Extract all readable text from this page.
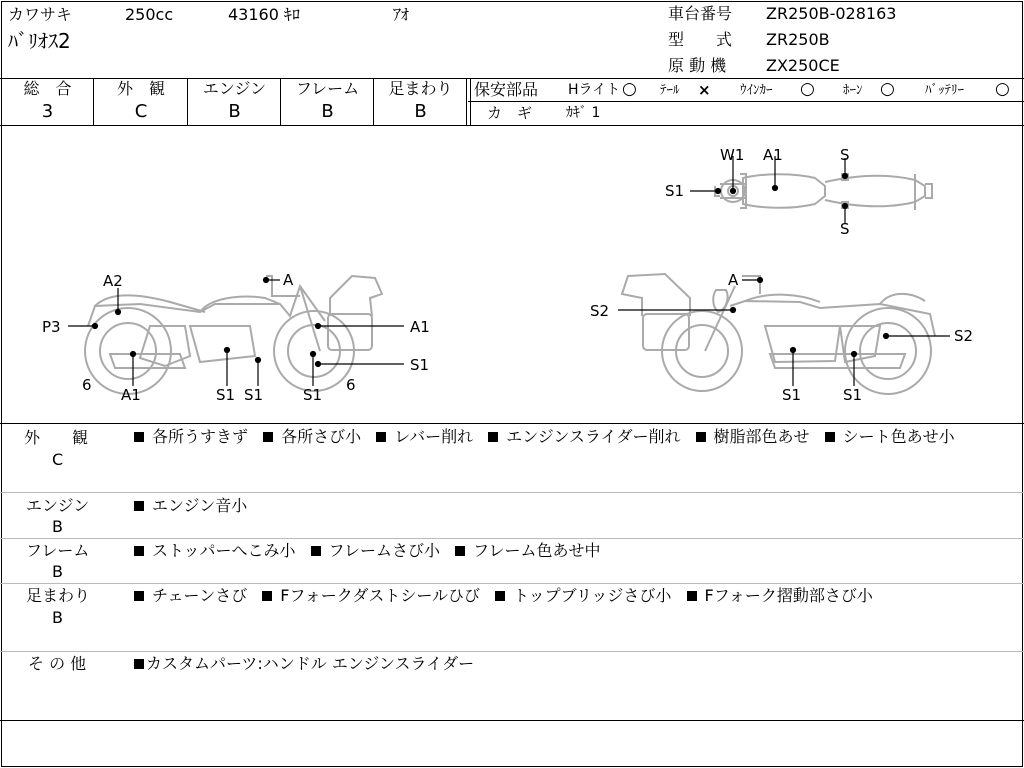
カワサキ	250cc	43160 ｷﾛ	ｱｵ
ﾊﾞﾘｵｽ2
車台番号 ZR250B-028163
型　　式 ZR250B
原 動 機 ZX250CE
総　合
3
外　観
C
エンジン
B
フレーム
B
足まわり
B
保安部品 Hライト ○ ﾃｰﾙ × ｳｲﾝｶｰ ○ ﾎｰﾝ ○ ﾊﾞｯﾃﾘｰ ○
カ　ギ ｶｷﾞ 1
W1 A1	S
S1
S
A2	A
P3	A1
6
A1	S1 S1	S1
S1
6
A
S2
S2
S1	S1
外　　観
C
各所うすきず 各所さび小 レバー削れ エンジンスライダー削れ 樹脂部色あせ シート色あせ小
エンジン
B
エンジン音小
フレーム
B
ストッパーへこみ小 フレームさび小 フレーム色あせ中
足まわり
B
チェーンさび Fフォークダストシールひび トップブリッジさび小 Fフォーク摺動部さび小
そ の 他	カスタムパーツ:ハンドル エンジンスライダー
